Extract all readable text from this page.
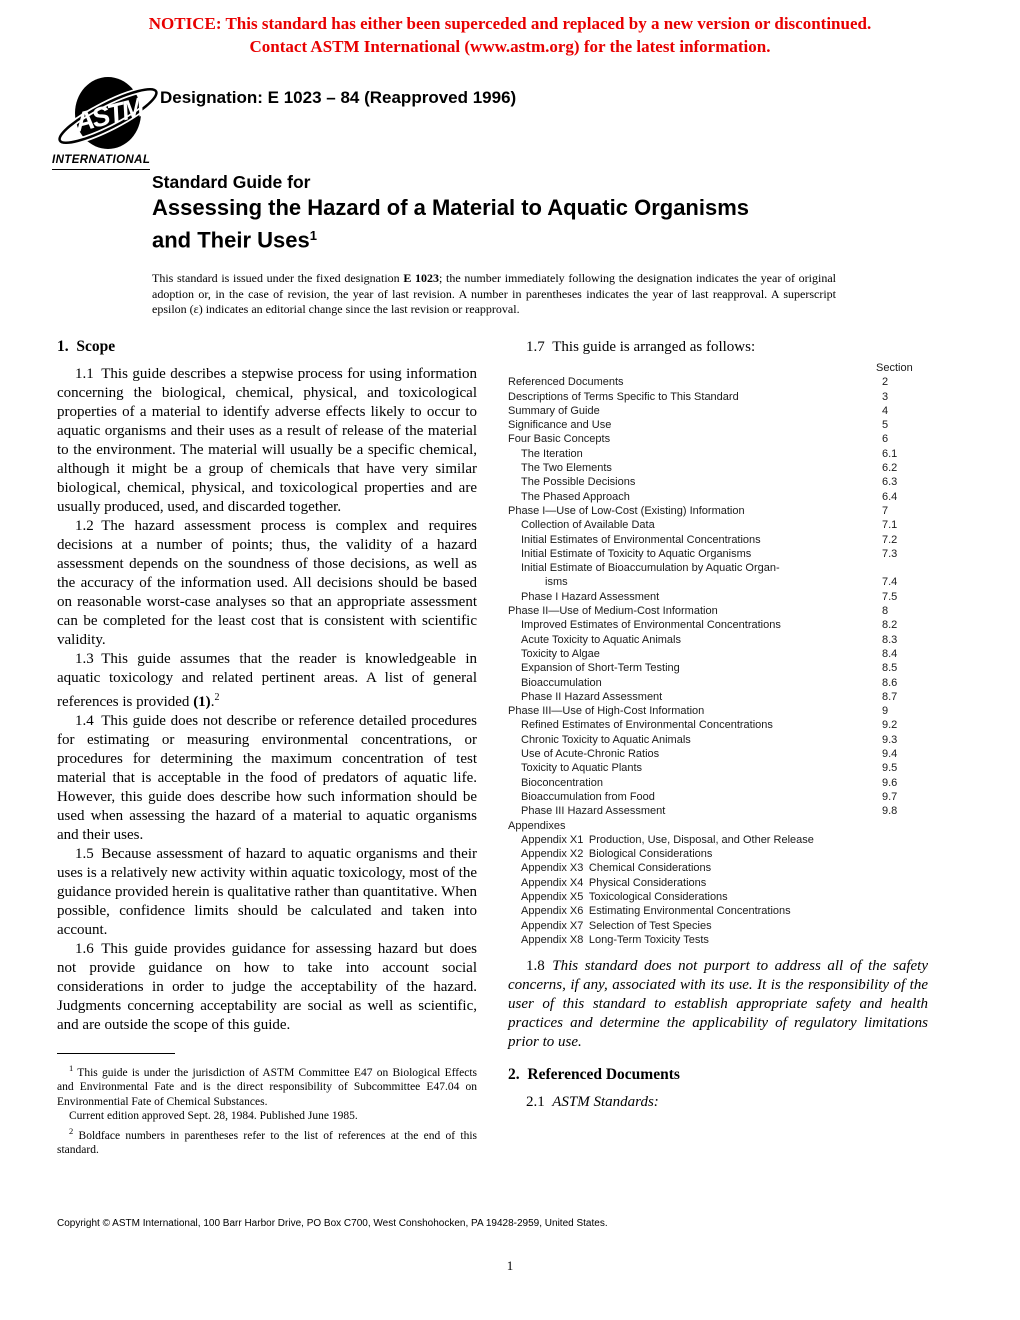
NOTICE: This standard has either been superceded and replaced by a new version or discontinued.
Contact ASTM International (www.astm.org) for the latest information.
ASTM
INTERNATIONAL
Designation: E 1023 – 84 (Reapproved 1996)
Standard Guide for
Assessing the Hazard of a Material to Aquatic Organisms
and Their Uses$^1$
This standard is issued under the fixed designation E 1023; the number immediately following the designation indicates the year of original adoption or, in the case of revision, the year of last revision. A number in parentheses indicates the year of last reapproval. A superscript epsilon (ε) indicates an editorial change since the last revision or reapproval.
1. Scope

1.1 This guide describes a stepwise process for using information concerning the biological, chemical, physical, and toxicological properties of a material to identify adverse effects likely to occur to aquatic organisms and their uses as a result of release of the material to the environment. The material will usually be a specific chemical, although it might be a group of chemicals that have very similar biological, chemical, physical, and toxicological properties and are usually produced, used, and discarded together.

1.2 The hazard assessment process is complex and requires decisions at a number of points; thus, the validity of a hazard assessment depends on the soundness of those decisions, as well as the accuracy of the information used. All decisions should be based on reasonable worst-case analyses so that an appropriate assessment can be completed for the least cost that is consistent with scientific validity.

1.3 This guide assumes that the reader is knowledgeable in aquatic toxicology and related pertinent areas. A list of general references is provided (1).$^2$

1.4 This guide does not describe or reference detailed procedures for estimating or measuring environmental concentrations, or procedures for determining the maximum concentration of test material that is acceptable in the food of predators of aquatic life. However, this guide does describe how such information should be used when assessing the hazard of a material to aquatic organisms and their uses.

1.5 Because assessment of hazard to aquatic organisms and their uses is a relatively new activity within aquatic toxicology, most of the guidance provided herein is qualitative rather than quantitative. When possible, confidence limits should be calculated and taken into account.

1.6 This guide provides guidance for assessing hazard but does not provide guidance on how to take into account social considerations in order to judge the acceptability of the hazard. Judgments concerning acceptability are social as well as scientific, and are outside the scope of this guide.

$^1$ This guide is under the jurisdiction of ASTM Committee E47 on Biological Effects and Environmental Fate and is the direct responsibility of Subcommittee E47.04 on Environmential Fate of Chemical Substances.

Current edition approved Sept. 28, 1984. Published June 1985.

$^2$ Boldface numbers in parentheses refer to the list of references at the end of this standard.

1.7 This guide is arranged as follows:

Section
Referenced Documents	2
Descriptions of Terms Specific to This Standard	3
Summary of Guide	4
Significance and Use	5
Four Basic Concepts	6
The Iteration	6.1
The Two Elements	6.2
The Possible Decisions	6.3
The Phased Approach	6.4
Phase I—Use of Low-Cost (Existing) Information	7
Collection of Available Data	7.1
Initial Estimates of Environmental Concentrations	7.2
Initial Estimate of Toxicity to Aquatic Organisms	7.3
Initial Estimate of Bioaccumulation by Aquatic Organ-
isms	7.4
Phase I Hazard Assessment	7.5
Phase II—Use of Medium-Cost Information	8
Improved Estimates of Environmental Concentrations	8.2
Acute Toxicity to Aquatic Animals	8.3
Toxicity to Algae	8.4
Expansion of Short-Term Testing	8.5
Bioaccumulation	8.6
Phase II Hazard Assessment	8.7
Phase III—Use of High-Cost Information	9
Refined Estimates of Environmental Concentrations	9.2
Chronic Toxicity to Aquatic Animals	9.3
Use of Acute-Chronic Ratios	9.4
Toxicity to Aquatic Plants	9.5
Bioconcentration	9.6
Bioaccumulation from Food	9.7
Phase III Hazard Assessment	9.8
Appendixes
Appendix X1 Production, Use, Disposal, and Other Release
Appendix X2 Biological Considerations
Appendix X3 Chemical Considerations
Appendix X4 Physical Considerations
Appendix X5 Toxicological Considerations
Appendix X6 Estimating Environmental Concentrations
Appendix X7 Selection of Test Species
Appendix X8 Long-Term Toxicity Tests

1.8 This standard does not purport to address all of the safety concerns, if any, associated with its use. It is the responsibility of the user of this standard to establish appropriate safety and health practices and determine the applicability of regulatory limitations prior to use.

2. Referenced Documents

2.1 ASTM Standards:

Copyright © ASTM International, 100 Barr Harbor Drive, PO Box C700, West Conshohocken, PA 19428-2959, United States.
1
